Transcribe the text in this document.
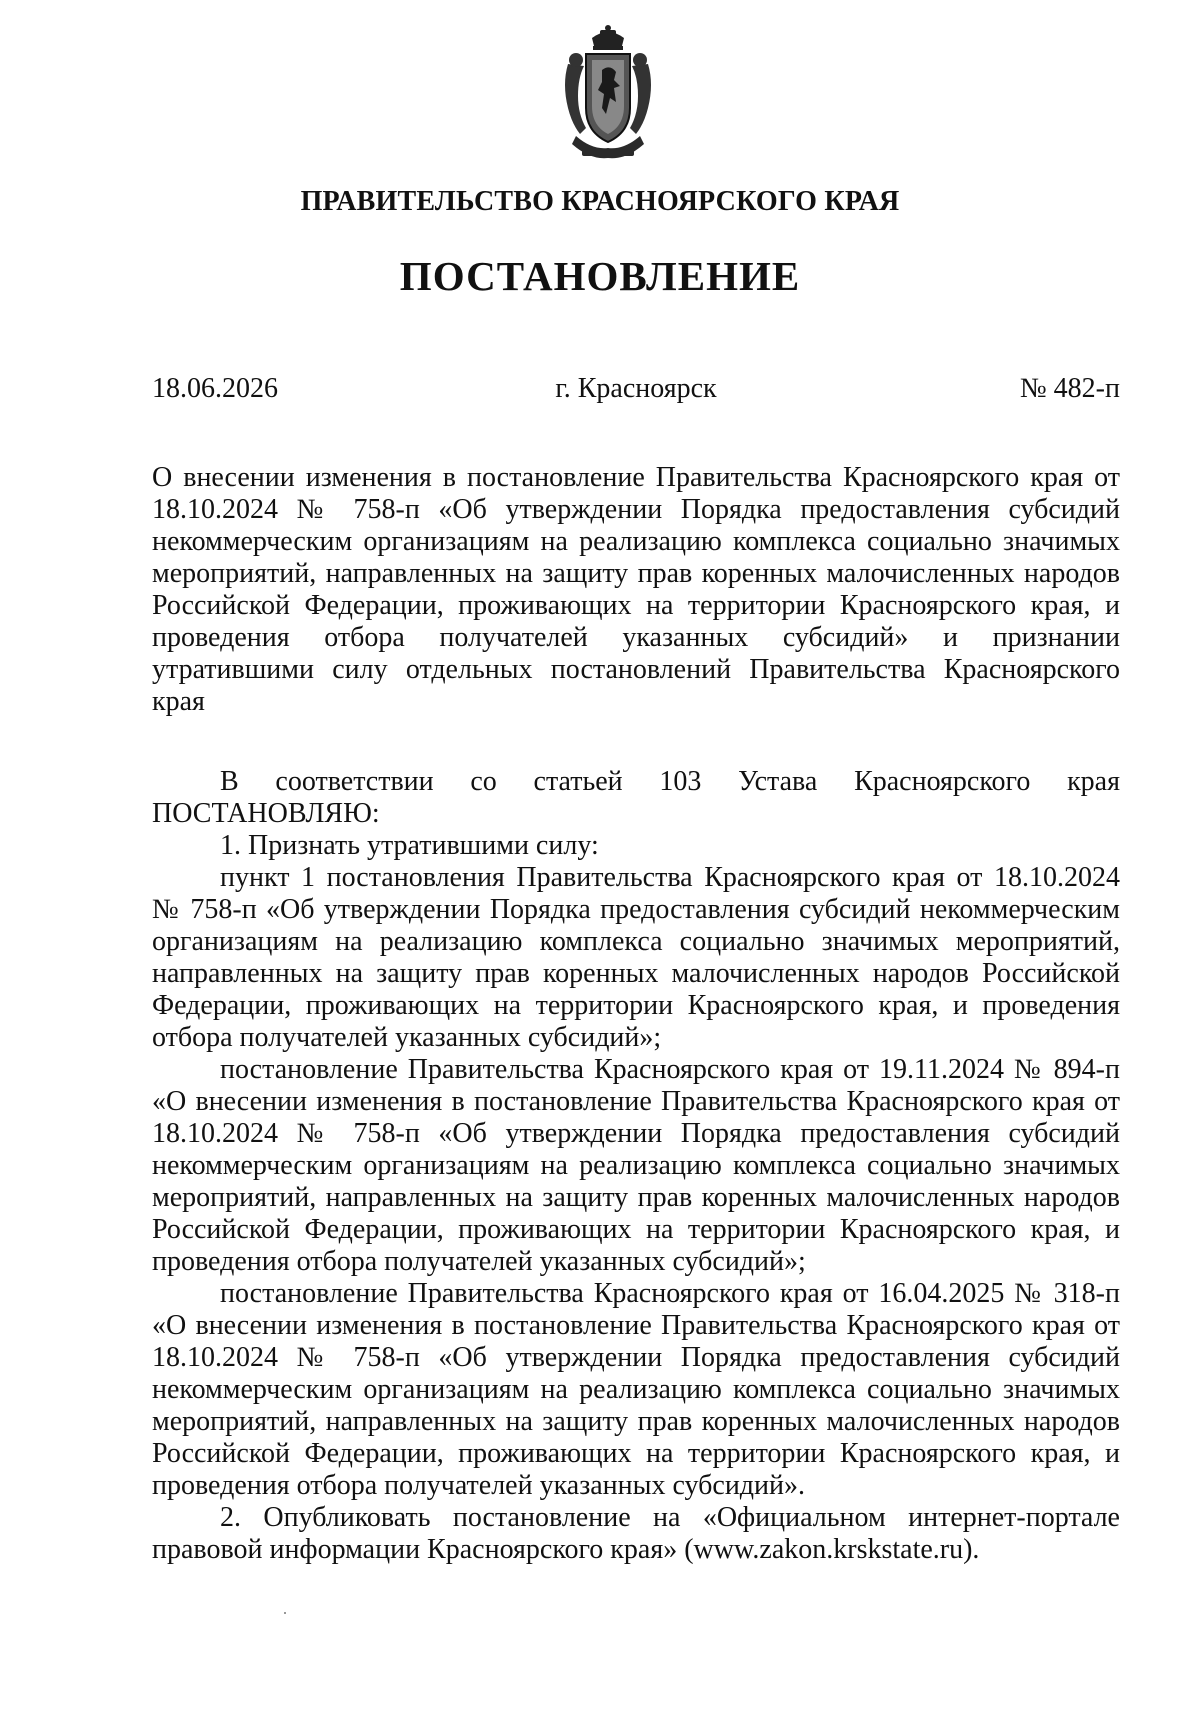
ПРАВИТЕЛЬСТВО КРАСНОЯРСКОГО КРАЯ
ПОСТАНОВЛЕНИЕ
18.06.2026	г. Красноярск	№ 482-п
О внесении изменения в постановление Правительства Красноярского края от 18.10.2024 № 758-п «Об утверждении Порядка предоставления субсидий некоммерческим организациям на реализацию комплекса социально значимых мероприятий, направленных на защиту прав коренных малочисленных народов Российской Федерации, проживающих на территории Красноярского края, и проведения отбора получателей указанных субсидий» и признании утратившими силу отдельных постановлений Правительства Красноярского края

В соответствии со статьей 103 Устава Красноярского края ПОСТАНОВЛЯЮ:

1. Признать утратившими силу:

пункт 1 постановления Правительства Красноярского края от 18.10.2024 № 758-п «Об утверждении Порядка предоставления субсидий некоммерческим организациям на реализацию комплекса социально значимых мероприятий, направленных на защиту прав коренных малочисленных народов Российской Федерации, проживающих на территории Красноярского края, и проведения отбора получателей указанных субсидий»;

постановление Правительства Красноярского края от 19.11.2024 № 894-п «О внесении изменения в постановление Правительства Красноярского края от 18.10.2024 № 758-п «Об утверждении Порядка предоставления субсидий некоммерческим организациям на реализацию комплекса социально значимых мероприятий, направленных на защиту прав коренных малочисленных народов Российской Федерации, проживающих на территории Красноярского края, и проведения отбора получателей указанных субсидий»;

постановление Правительства Красноярского края от 16.04.2025 № 318-п «О внесении изменения в постановление Правительства Красноярского края от 18.10.2024 № 758-п «Об утверждении Порядка предоставления субсидий некоммерческим организациям на реализацию комплекса социально значимых мероприятий, направленных на защиту прав коренных малочисленных народов Российской Федерации, проживающих на территории Красноярского края, и проведения отбора получателей указанных субсидий».

2. Опубликовать постановление на «Официальном интернет-портале правовой информации Красноярского края» (www.zakon.krskstate.ru).
